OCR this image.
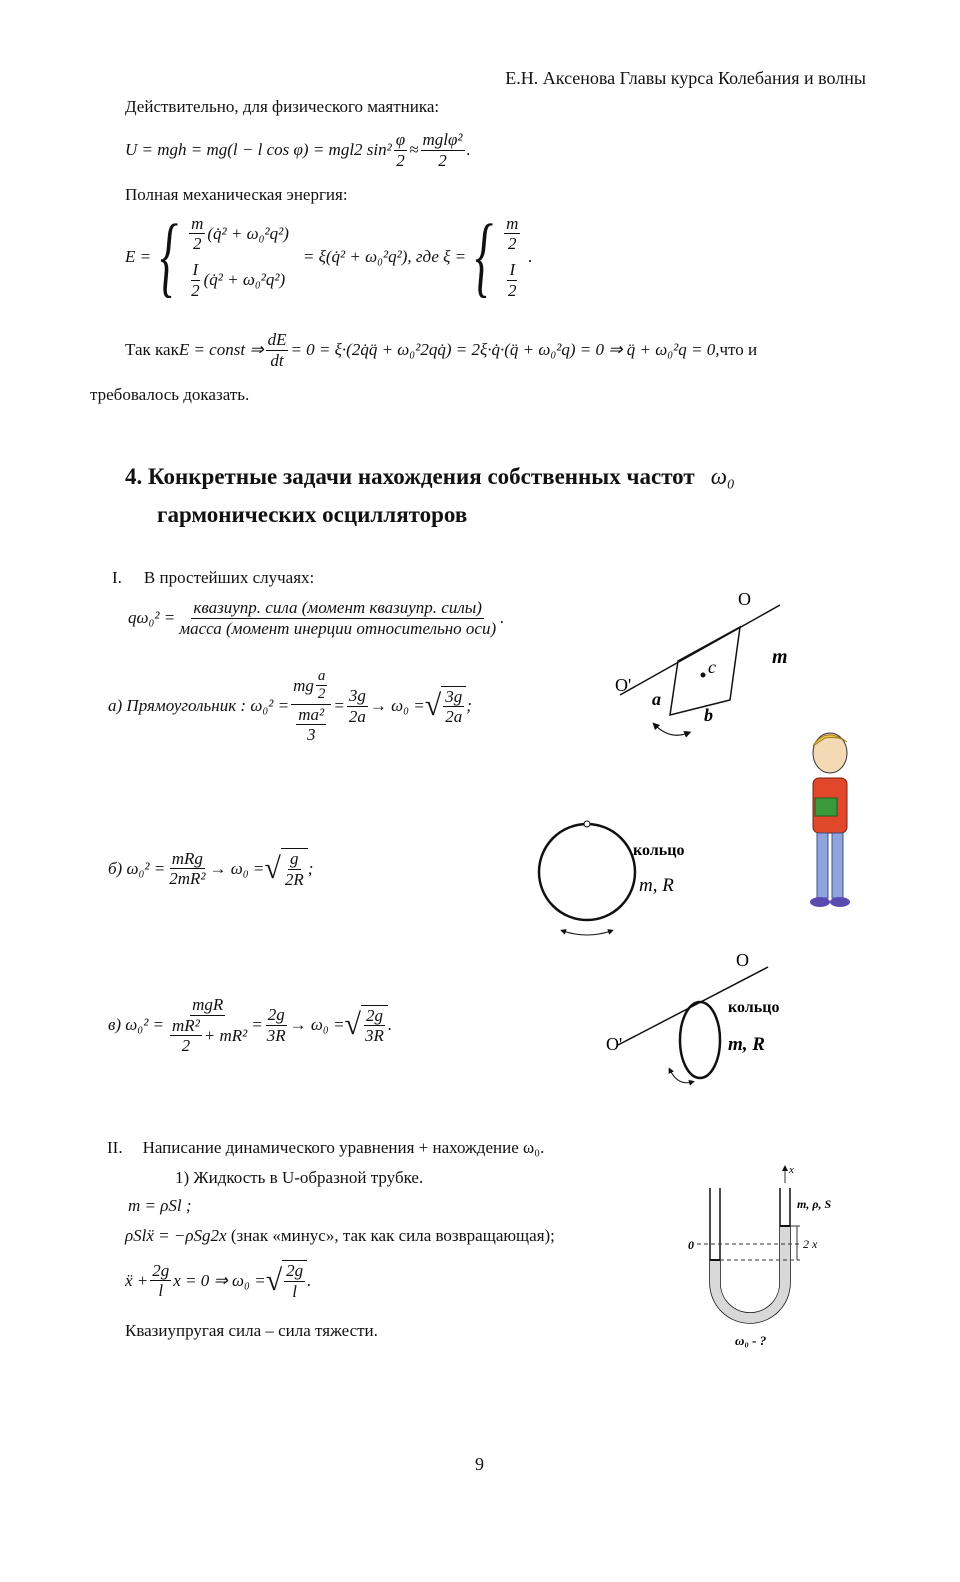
Е.Н. Аксенова Главы курса Колебания и волны
Действительно, для физического маятника:
U = mgh = mg(l − l cos φ) = mgl2 $\sin^2 \frac{\varphi}{2}$ ≈
mglφ²
2
.
Полная механическая энергия:
E = { $\frac{m}{2}$ (q̇² + ω₀²q²)
$\frac{I}{2}$ (q̇² + ω₀²q²)
= ξ(q̇² + ω₀²q²), где ξ = { $\frac{m}{2}$
$\frac{I}{2}$
.
Так как E = const ⇒ $\frac{dE}{dt} = 0$ = ξ·(2q̇q̈ + ω₀²2qq̇) = 2ξ·q̇·(q̈ + ω₀²q) = 0 ⇒ q̈ + ω₀²q = 0, что и
требовалось доказать.
4. Конкретные задачи нахождения собственных частот ω₀
гармонических осцилляторов
I. В простейших случаях:
qω₀² =
квазиупр. сила (момент квазиупр. силы)
масса (момент инерции относительно оси)
.
а) Прямоугольник : ω₀² =
mg $\frac{a}{2}$
$\frac{\text{ma²}}{3} = \frac{3g}{2a} \to \omega_0$ = √ $\frac{3g}{2a}$ ;
б) ω₀² =
mRg
2mR²
→ ω₀ = √ $\frac{g}{2R}$ ;
в) ω₀² =
mgR
$\frac{\text{mR²}}{2} + mR^2$
= $\frac{2g}{3R} \to \omega_0$ = √ $\frac{2g}{3R}$ .
II. Написание динамического уравнения + нахождение ω₀.
1) Жидкость в U-образной трубке.
m = ρSl ;
ρSlẍ = −ρSg2x (знак «минус», так как сила возвращающая);
ẍ + $\frac{2g}{l}$ x = 0 ⇒ ω₀ = √ $\frac{2g}{l}$ .
Квазиупругая сила – сила тяжести.
O
O'
m
c
a
b
кольцо
m, R
O
O'
кольцо
m, R
x
m, ρ, S
0	2 x
ω₀ - ?
9
